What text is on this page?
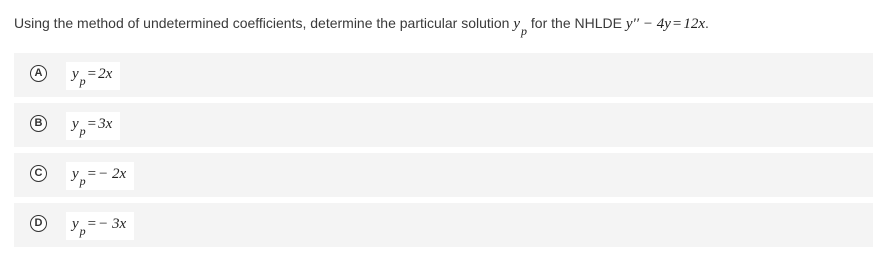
Using the method of undetermined coefficients, determine the particular solution $y_p$ for the NHLDE y′′ − 4y = 12x.
A	$y_p = 2x$
B	$y_p = 3x$
C	$y_p$ = − 2x
D	$y_p$ = − 3x
